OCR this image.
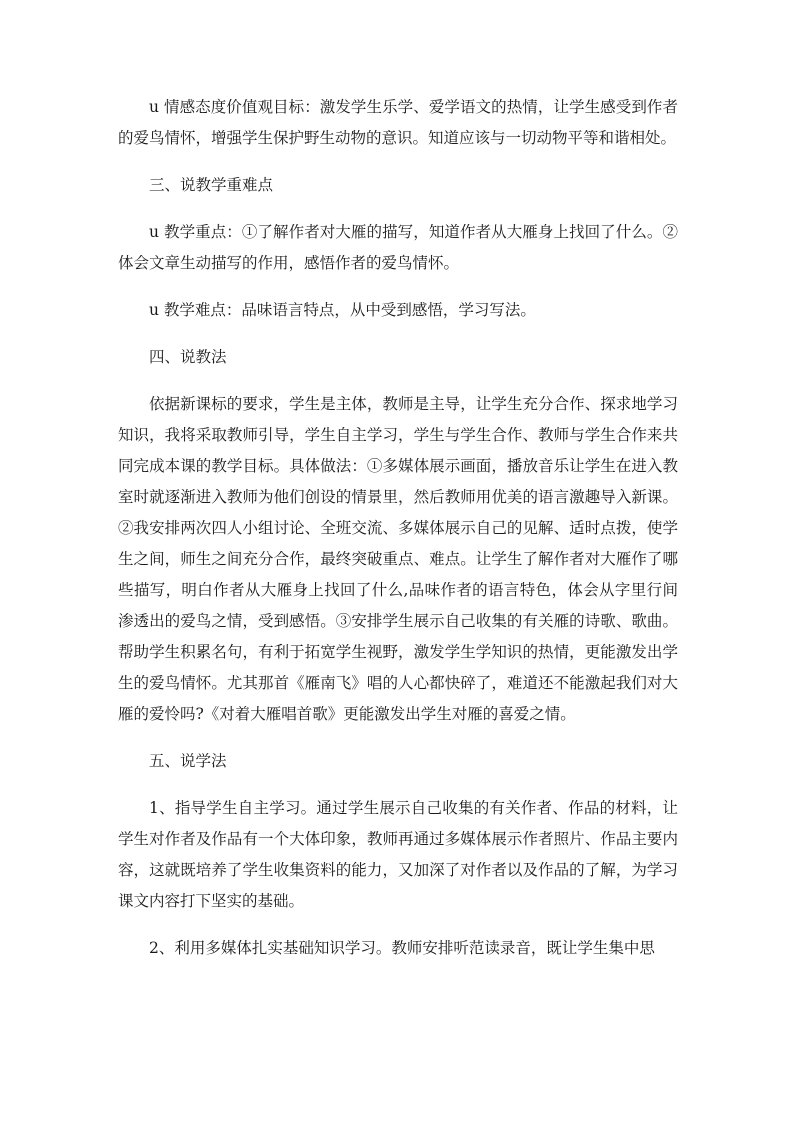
u 情感态度价值观目标：激发学生乐学、爱学语文的热情，让学生感受到作者的爱鸟情怀，增强学生保护野生动物的意识。知道应该与一切动物平等和谐相处。

三、说教学重难点

u 教学重点：①了解作者对大雁的描写，知道作者从大雁身上找回了什么。②体会文章生动描写的作用，感悟作者的爱鸟情怀。

u 教学难点：品味语言特点，从中受到感悟，学习写法。

四、说教法

依据新课标的要求，学生是主体，教师是主导，让学生充分合作、探求地学习知识，我将采取教师引导，学生自主学习，学生与学生合作、教师与学生合作来共同完成本课的教学目标。具体做法：①多媒体展示画面，播放音乐让学生在进入教室时就逐渐进入教师为他们创设的情景里，然后教师用优美的语言激趣导入新课。②我安排两次四人小组讨论、全班交流、多媒体展示自己的见解、适时点拨，使学生之间，师生之间充分合作，最终突破重点、难点。让学生了解作者对大雁作了哪些描写，明白作者从大雁身上找回了什么,品味作者的语言特色，体会从字里行间渗透出的爱鸟之情，受到感悟。③安排学生展示自己收集的有关雁的诗歌、歌曲。帮助学生积累名句，有利于拓宽学生视野，激发学生学知识的热情，更能激发出学生的爱鸟情怀。尤其那首《雁南飞》唱的人心都快碎了，难道还不能激起我们对大雁的爱怜吗?《对着大雁唱首歌》更能激发出学生对雁的喜爱之情。

五、说学法

1、指导学生自主学习。通过学生展示自己收集的有关作者、作品的材料，让学生对作者及作品有一个大体印象，教师再通过多媒体展示作者照片、作品主要内容，这就既培养了学生收集资料的能力，又加深了对作者以及作品的了解，为学习课文内容打下坚实的基础。

2、利用多媒体扎实基础知识学习。教师安排听范读录音，既让学生集中思
